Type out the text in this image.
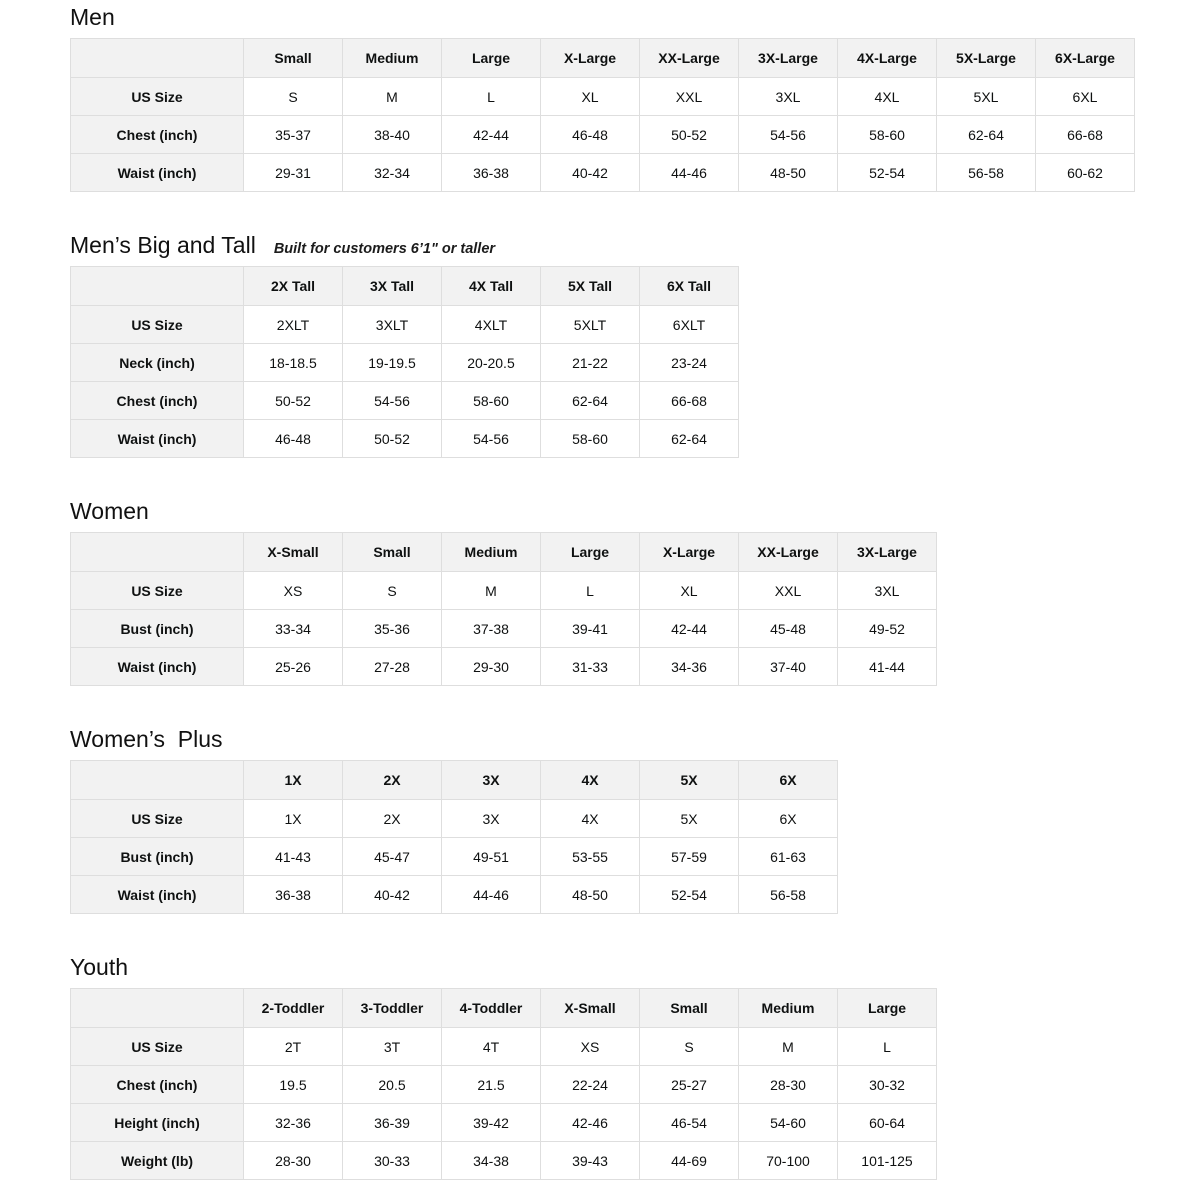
Men
	Small	Medium	Large	X-Large	XX-Large	3X-Large	4X-Large	5X-Large	6X-Large
US Size	S	M	L	XL	XXL	3XL	4XL	5XL	6XL
Chest (inch)	35-37	38-40	42-44	46-48	50-52	54-56	58-60	62-64	66-68
Waist (inch)	29-31	32-34	36-38	40-42	44-46	48-50	52-54	56-58	60-62
Men’s Big and Tall Built for customers 6’1" or taller
	2X Tall	3X Tall	4X Tall	5X Tall	6X Tall
US Size	2XLT	3XLT	4XLT	5XLT	6XLT
Neck (inch)	18-18.5	19-19.5	20-20.5	21-22	23-24
Chest (inch)	50-52	54-56	58-60	62-64	66-68
Waist (inch)	46-48	50-52	54-56	58-60	62-64
Women
	X-Small	Small	Medium	Large	X-Large	XX-Large	3X-Large
US Size	XS	S	M	L	XL	XXL	3XL
Bust (inch)	33-34	35-36	37-38	39-41	42-44	45-48	49-52
Waist (inch)	25-26	27-28	29-30	31-33	34-36	37-40	41-44
Women’s  Plus
	1X	2X	3X	4X	5X	6X
US Size	1X	2X	3X	4X	5X	6X
Bust (inch)	41-43	45-47	49-51	53-55	57-59	61-63
Waist (inch)	36-38	40-42	44-46	48-50	52-54	56-58
Youth
	2-Toddler	3-Toddler	4-Toddler	X-Small	Small	Medium	Large
US Size	2T	3T	4T	XS	S	M	L
Chest (inch)	19.5	20.5	21.5	22-24	25-27	28-30	30-32
Height (inch)	32-36	36-39	39-42	42-46	46-54	54-60	60-64
Weight (lb)	28-30	30-33	34-38	39-43	44-69	70-100	101-125
